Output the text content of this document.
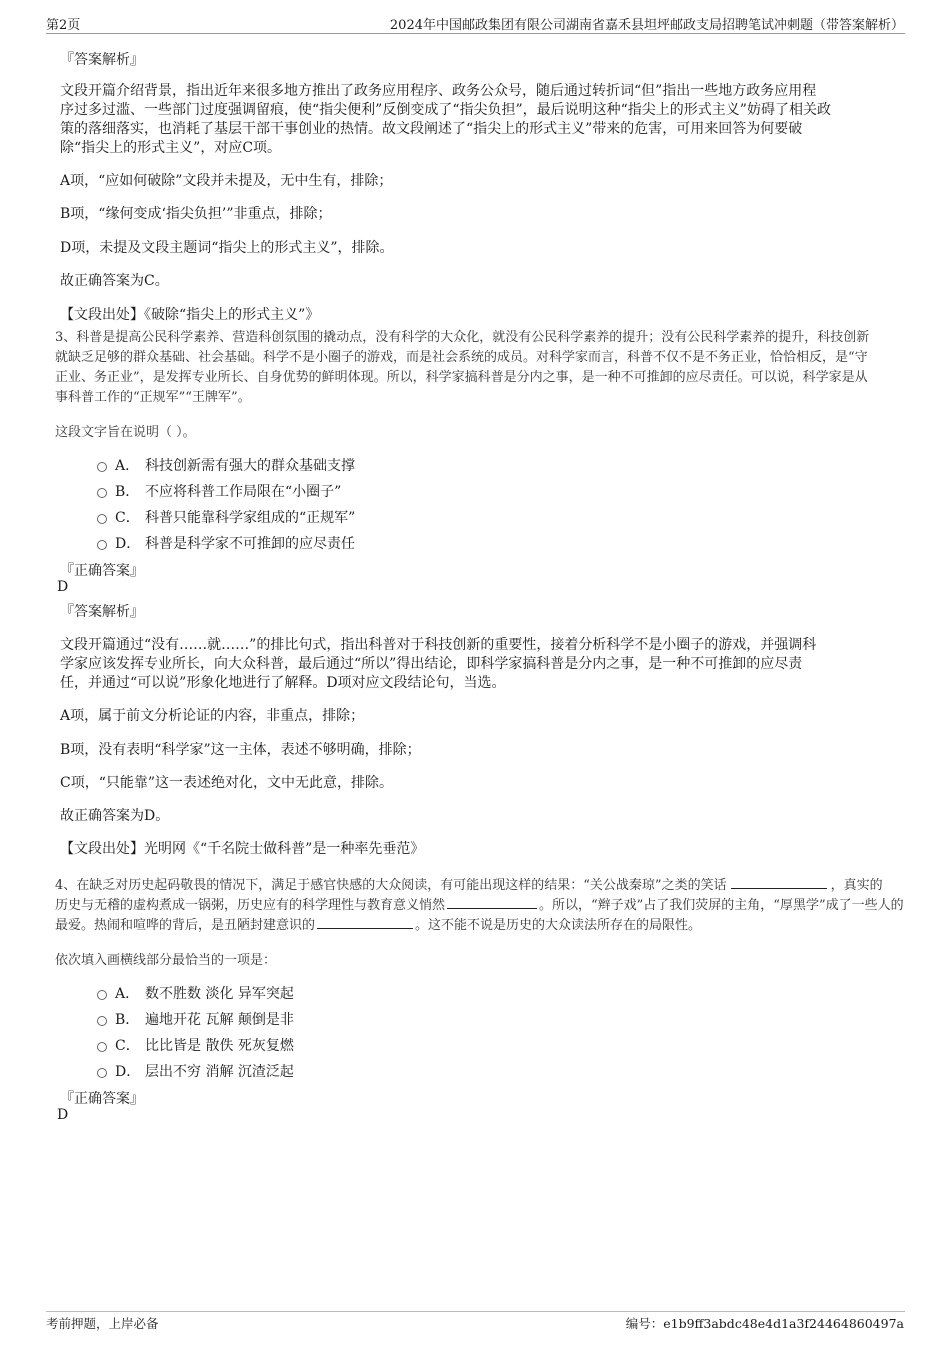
第2页	2024年中国邮政集团有限公司湖南省嘉禾县坦坪邮政支局招聘笔试冲刺题（带答案解析）
『答案解析』
文段开篇介绍背景，指出近年来很多地方推出了政务应用程序、政务公众号，随后通过转折词“但”指出一些地方政务应用程
序过多过滥、一些部门过度强调留痕，使“指尖便利”反倒变成了“指尖负担”，最后说明这种“指尖上的形式主义”妨碍了相关政
策的落细落实，也消耗了基层干部干事创业的热情。故文段阐述了“指尖上的形式主义”带来的危害，可用来回答为何要破
除“指尖上的形式主义”，对应C项。
A项，“应如何破除”文段并未提及，无中生有，排除；
B项，“缘何变成‘指尖负担’”非重点，排除；
D项，未提及文段主题词“指尖上的形式主义”，排除。
故正确答案为C。
【文段出处】《破除“指尖上的形式主义”》
3、科普是提高公民科学素养、营造科创氛围的撬动点，没有科学的大众化，就没有公民科学素养的提升；没有公民科学素养的提升，科技创新
就缺乏足够的群众基础、社会基础。科学不是小圈子的游戏，而是社会系统的成员。对科学家而言，科普不仅不是不务正业，恰恰相反，是“守
正业、务正业”，是发挥专业所长、自身优势的鲜明体现。所以，科学家搞科普是分内之事，是一种不可推卸的应尽责任。可以说，科学家是从
事科普工作的“正规军”“王牌军”。
这段文字旨在说明（ ）。
A． 科技创新需有强大的群众基础支撑
B． 不应将科普工作局限在“小圈子”
C． 科普只能靠科学家组成的“正规军”
D． 科普是科学家不可推卸的应尽责任
『正确答案』
D
『答案解析』
文段开篇通过“没有……就……”的排比句式，指出科普对于科技创新的重要性，接着分析科学不是小圈子的游戏，并强调科
学家应该发挥专业所长，向大众科普，最后通过“所以”得出结论，即科学家搞科普是分内之事，是一种不可推卸的应尽责
任，并通过“可以说”形象化地进行了解释。D项对应文段结论句，当选。
A项，属于前文分析论证的内容，非重点，排除；
B项，没有表明“科学家”这一主体，表述不够明确，排除；
C项，“只能靠”这一表述绝对化，文中无此意，排除。
故正确答案为D。
【文段出处】光明网《“千名院士做科普”是一种率先垂范》
4、在缺乏对历史起码敬畏的情况下，满足于感官快感的大众阅读，有可能出现这样的结果：“关公战秦琼”之类的笑话	，真实的
历史与无稽的虚构煮成一锅粥，历史应有的科学理性与教育意义悄然	。所以，“辫子戏”占了我们荧屏的主角，“厚黑学”成了一些人的
最爱。热闹和喧哗的背后，是丑陋封建意识的	。这不能不说是历史的大众读法所存在的局限性。
依次填入画横线部分最恰当的一项是：
A． 数不胜数 淡化 异军突起
B． 遍地开花 瓦解 颠倒是非
C． 比比皆是 散佚 死灰复燃
D． 层出不穷 消解 沉渣泛起
『正确答案』
D
考前押题，上岸必备	编号：e1b9ff3abdc48e4d1a3f24464860497a
